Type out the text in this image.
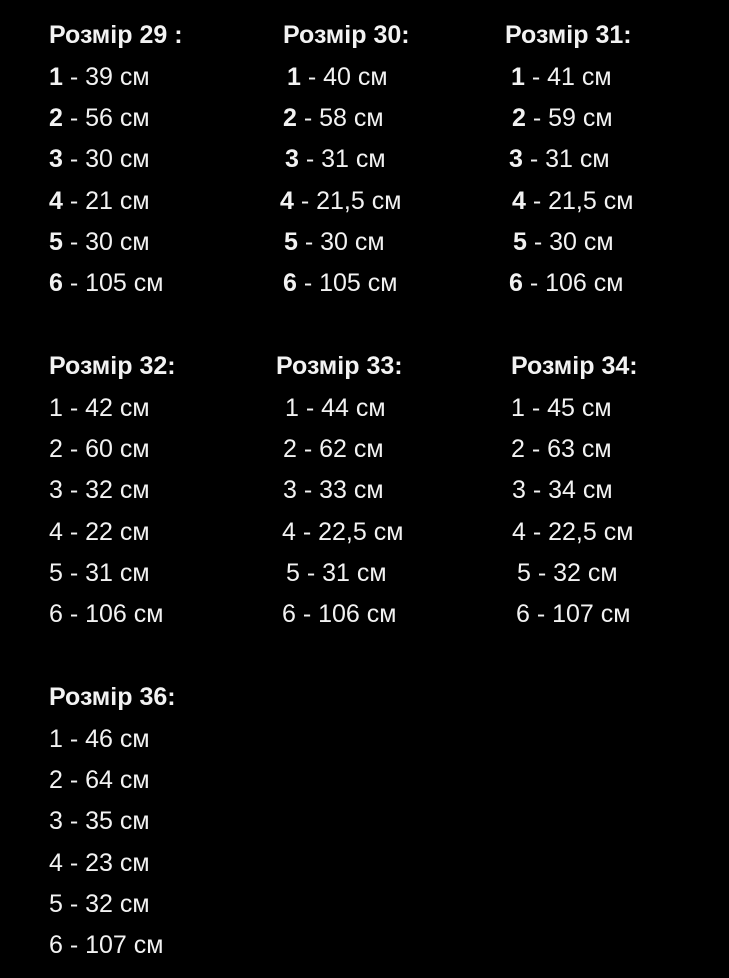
Розмір 29 :
1 - 39 см
2 - 56 см
3 - 30 см
4 - 21 см
5 - 30 см
6 - 105 см
Розмір 30:
1 - 40 см
2 - 58 см
3 - 31 см
4 - 21,5 см
5 - 30 см
6 - 105 см
Розмір 31:
1 - 41 см
2 - 59 см
3 - 31 см
4 - 21,5 см
5 - 30 см
6 - 106 см
Розмір 32:
1 - 42 см
2 - 60 см
3 - 32 см
4 - 22 см
5 - 31 см
6 - 106 см
Розмір 33:
1 - 44 см
2 - 62 см
3 - 33 см
4 - 22,5 см
5 - 31 см
6 - 106 см
Розмір 34:
1 - 45 см
2 - 63 см
3 - 34 см
4 - 22,5 см
5 - 32 см
6 - 107 см
Розмір 36:
1 - 46 см
2 - 64 см
3 - 35 см
4 - 23 см
5 - 32 см
6 - 107 см
